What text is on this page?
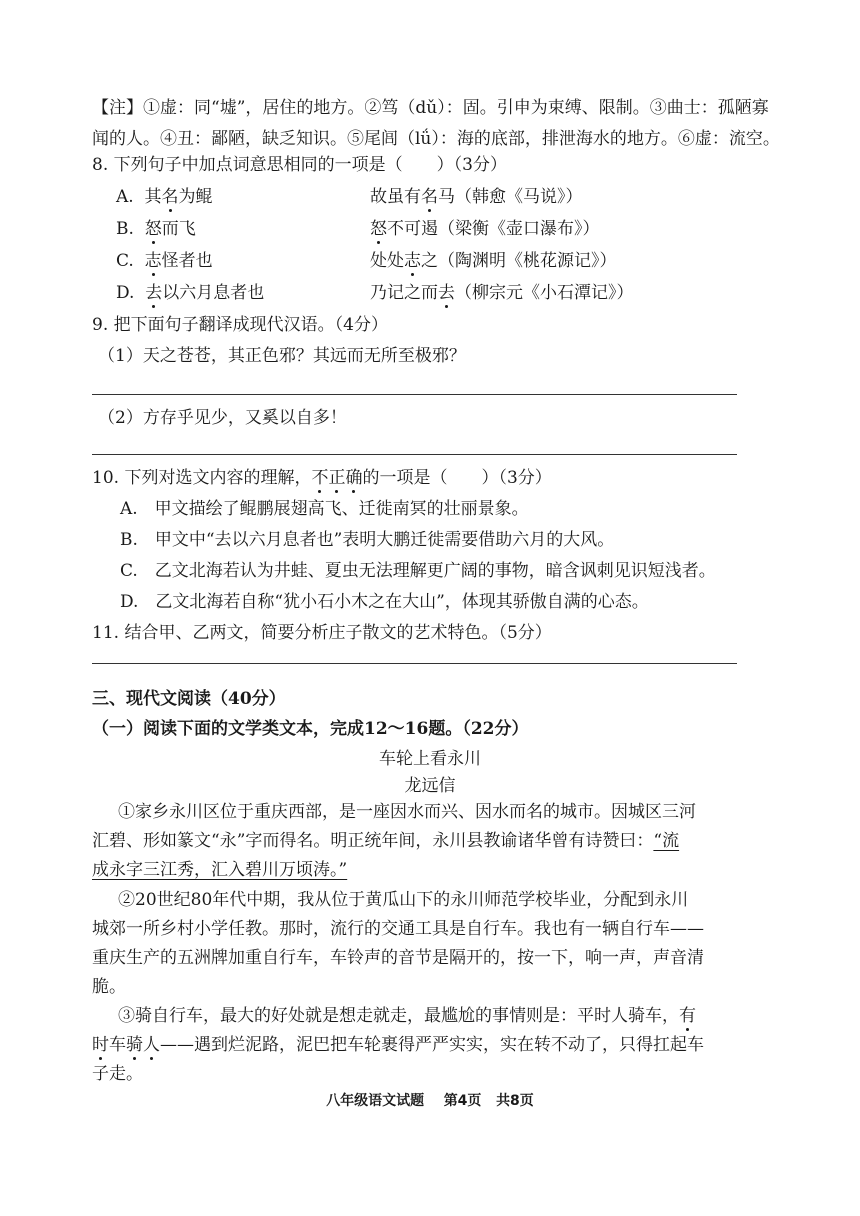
【注】①虚：同“墟”，居住的地方。②笃（dǔ）：固。引申为束缚、限制。③曲士：孤陋寡
闻的人。④丑：鄙陋，缺乏知识。⑤尾闾（lǘ）：海的底部，排泄海水的地方。⑥虚：流空。
8. 下列句子中加点词意思相同的一项是（　　）（3分）
A. 其名为鲲	故虽有名马（韩愈《马说》）
B. 怒而飞	怒不可遏（梁衡《壶口瀑布》）
C. 志怪者也	处处志之（陶渊明《桃花源记》）
D. 去以六月息者也	乃记之而去（柳宗元《小石潭记》）
9. 把下面句子翻译成现代汉语。（4分）
（1）天之苍苍，其正色邪？其远而无所至极邪？
（2）方存乎见少，又奚以自多！
10. 下列对选文内容的理解，不正确的一项是（　　）（3分）
A.　甲文描绘了鲲鹏展翅高飞、迁徙南冥的壮丽景象。
B.　甲文中“去以六月息者也”表明大鹏迁徙需要借助六月的大风。
C.　乙文北海若认为井蛙、夏虫无法理解更广阔的事物，暗含讽刺见识短浅者。
D.　乙文北海若自称“犹小石小木之在大山”，体现其骄傲自满的心态。
11. 结合甲、乙两文，简要分析庄子散文的艺术特色。（5分）
三、现代文阅读（40分）
（一）阅读下面的文学类文本，完成12～16题。（22分）
车轮上看永川
龙远信
①家乡永川区位于重庆西部，是一座因水而兴、因水而名的城市。因城区三河
汇碧、形如篆文“永”字而得名。明正统年间，永川县教谕诸华曾有诗赞曰：“流
成永字三江秀，汇入碧川万顷涛。”
②20世纪80年代中期，我从位于黄瓜山下的永川师范学校毕业，分配到永川
城郊一所乡村小学任教。那时，流行的交通工具是自行车。我也有一辆自行车——
重庆生产的五洲牌加重自行车，车铃声的音节是隔开的，按一下，响一声，声音清
脆。
③骑自行车，最大的好处就是想走就走，最尴尬的事情则是：平时人骑车，有
时车骑人——遇到烂泥路，泥巴把车轮裹得严严实实，实在转不动了，只得扛起车
子走。
八年级语文试题 第4页 共8页
